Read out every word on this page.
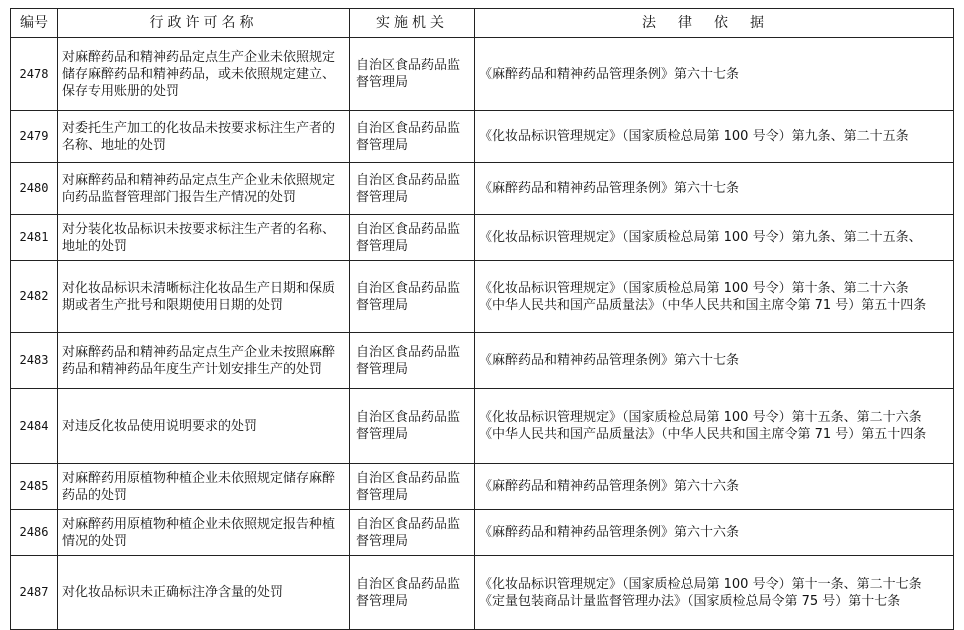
编号	行政许可名称	实施机关	法律依据
2478	对麻醉药品和精神药品定点生产企业未依照规定储存麻醉药品和精神药品，或未依照规定建立、保存专用账册的处罚	自治区食品药品监督管理局	《麻醉药品和精神药品管理条例》第六十七条

2479	对委托生产加工的化妆品未按要求标注生产者的名称、地址的处罚	自治区食品药品监督管理局	《化妆品标识管理规定》（国家质检总局第 100 号令）第九条、第二十五条

2480	对麻醉药品和精神药品定点生产企业未依照规定向药品监督管理部门报告生产情况的处罚	自治区食品药品监督管理局	《麻醉药品和精神药品管理条例》第六十七条

2481	对分装化妆品标识未按要求标注生产者的名称、地址的处罚	自治区食品药品监督管理局	《化妆品标识管理规定》（国家质检总局第 100 号令）第九条、第二十五条、

2482	对化妆品标识未清晰标注化妆品生产日期和保质期或者生产批号和限期使用日期的处罚	自治区食品药品监督管理局	《化妆品标识管理规定》（国家质检总局第 100 号令）第十条、第二十六条
《中华人民共和国产品质量法》（中华人民共和国主席令第 71 号）第五十四条

2483	对麻醉药品和精神药品定点生产企业未按照麻醉药品和精神药品年度生产计划安排生产的处罚	自治区食品药品监督管理局	《麻醉药品和精神药品管理条例》第六十七条

2484	对违反化妆品使用说明要求的处罚	自治区食品药品监督管理局	《化妆品标识管理规定》（国家质检总局第 100 号令）第十五条、第二十六条
《中华人民共和国产品质量法》（中华人民共和国主席令第 71 号）第五十四条

2485	对麻醉药用原植物种植企业未依照规定储存麻醉药品的处罚	自治区食品药品监督管理局	《麻醉药品和精神药品管理条例》第六十六条

2486	对麻醉药用原植物种植企业未依照规定报告种植情况的处罚	自治区食品药品监督管理局	《麻醉药品和精神药品管理条例》第六十六条

2487	对化妆品标识未正确标注净含量的处罚	自治区食品药品监督管理局	《化妆品标识管理规定》（国家质检总局第 100 号令）第十一条、第二十七条
《定量包装商品计量监督管理办法》（国家质检总局令第 75 号）第十七条
